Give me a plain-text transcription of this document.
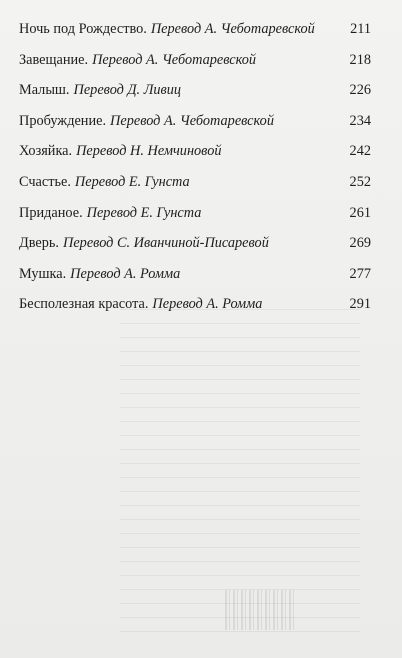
Ночь под Рождество. Перевод А. Чеботаревской . . . 211
Завещание. Перевод А. Чеботаревской . . .	218
Малыш. Перевод Д. Ливиц . . .	226
Пробуждение. Перевод А. Чеботаревской . . .	234
Хозяйка. Перевод Н. Немчиновой . . .	242
Счастье. Перевод Е. Гунста . . .	252
Приданое. Перевод Е. Гунста . . .	261
Дверь. Перевод С. Иванчиной-Писаревой . . .	269
Мушка. Перевод А. Ромма . . .	277
Бесполезная красота. Перевод А. Ромма . . .	291
